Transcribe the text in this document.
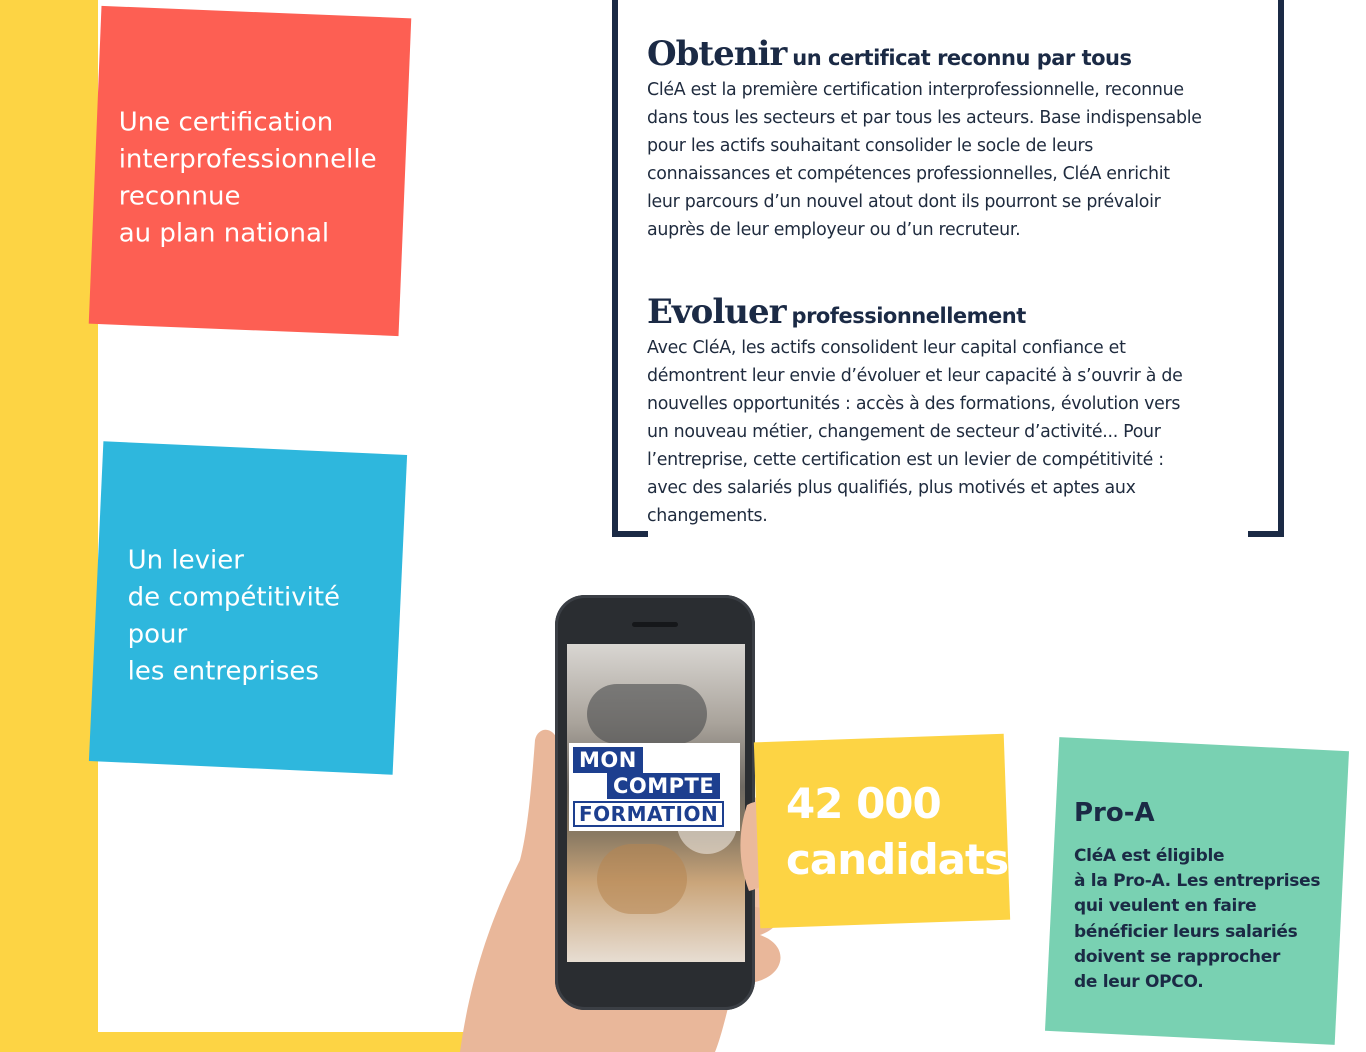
Une certification
interprofessionnelle
reconnue
au plan national
Un levier
de compétitivité
pour
les entreprises
Obtenir un certificat reconnu par tous
CléA est la première certification interprofessionnelle, reconnue
dans tous les secteurs et par tous les acteurs. Base indispensable
pour les actifs souhaitant consolider le socle de leurs
connaissances et compétences professionnelles, CléA enrichit
leur parcours d’un nouvel atout dont ils pourront se prévaloir
auprès de leur employeur ou d’un recruteur.
Evoluer professionnellement
Avec CléA, les actifs consolident leur capital confiance et
démontrent leur envie d’évoluer et leur capacité à s’ouvrir à de
nouvelles opportunités : accès à des formations, évolution vers
un nouveau métier, changement de secteur d’activité... Pour
l’entreprise, cette certification est un levier de compétitivité :
avec des salariés plus qualifiés, plus motivés et aptes aux
changements.
MON
COMPTE
FORMATION 42 000
candidats
Pro-A
CléA est éligible
à la Pro-A. Les entreprises
qui veulent en faire
bénéficier leurs salariés
doivent se rapprocher
de leur OPCO.
